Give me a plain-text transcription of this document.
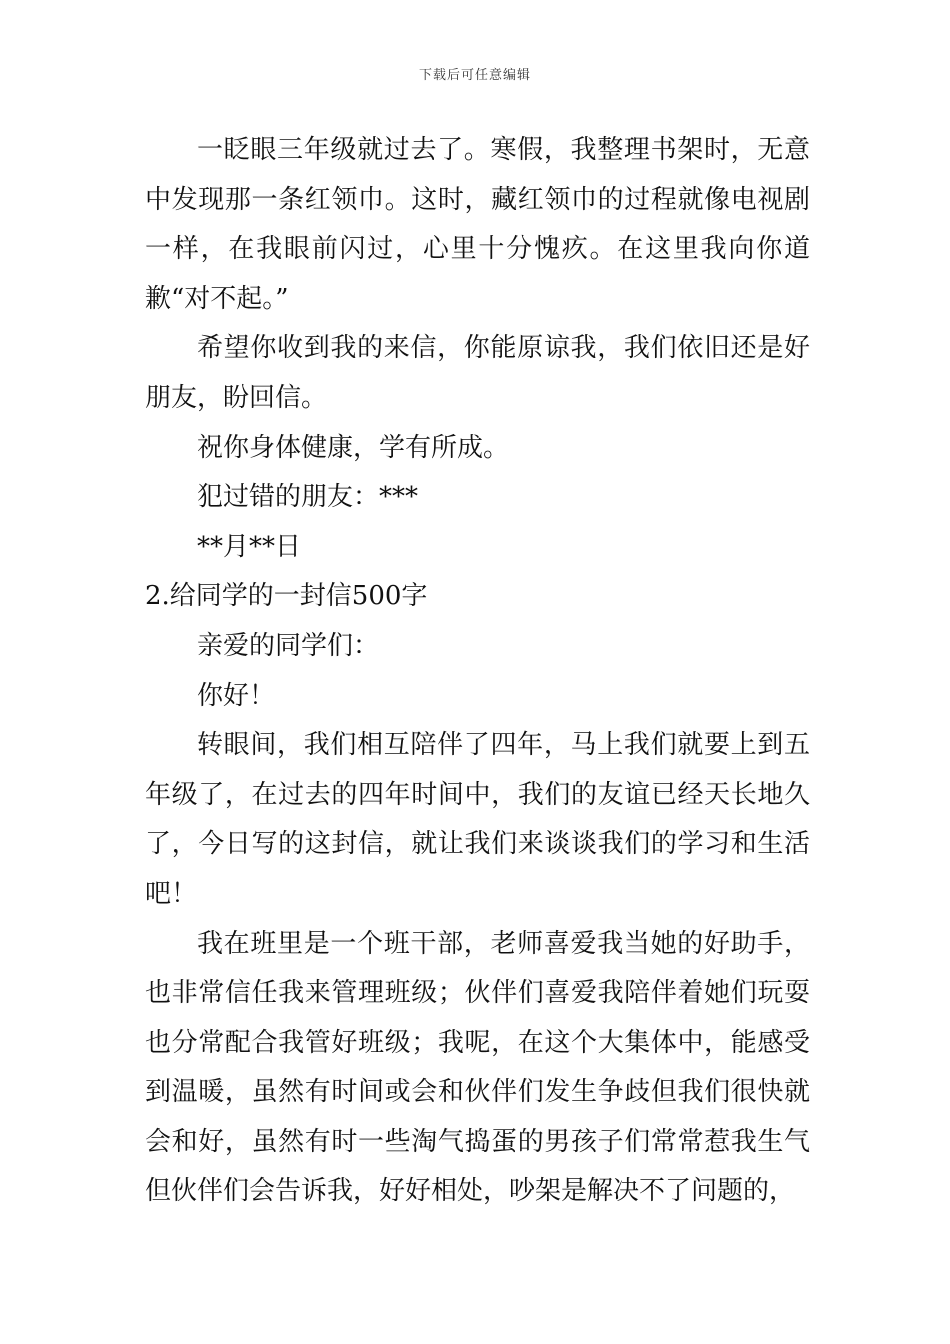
下载后可任意编辑

一眨眼三年级就过去了。寒假，我整理书架时，无意中发现那一条红领巾。这时，藏红领巾的过程就像电视剧一样，在我眼前闪过，心里十分愧疚。在这里我向你道歉“对不起。”

希望你收到我的来信，你能原谅我，我们依旧还是好朋友，盼回信。

祝你身体健康，学有所成。

犯过错的朋友：***

**月**日

2.给同学的一封信500字

亲爱的同学们：

你好！

转眼间，我们相互陪伴了四年，马上我们就要上到五年级了，在过去的四年时间中，我们的友谊已经天长地久了，今日写的这封信，就让我们来谈谈我们的学习和生活吧！

我在班里是一个班干部，老师喜爱我当她的好助手，也非常信任我来管理班级；伙伴们喜爱我陪伴着她们玩耍也分常配合我管好班级；我呢，在这个大集体中，能感受到温暖，虽然有时间或会和伙伴们发生争歧但我们很快就会和好，虽然有时一些淘气捣蛋的男孩子们常常惹我生气但伙伴们会告诉我，好好相处，吵架是解决不了问题的，
